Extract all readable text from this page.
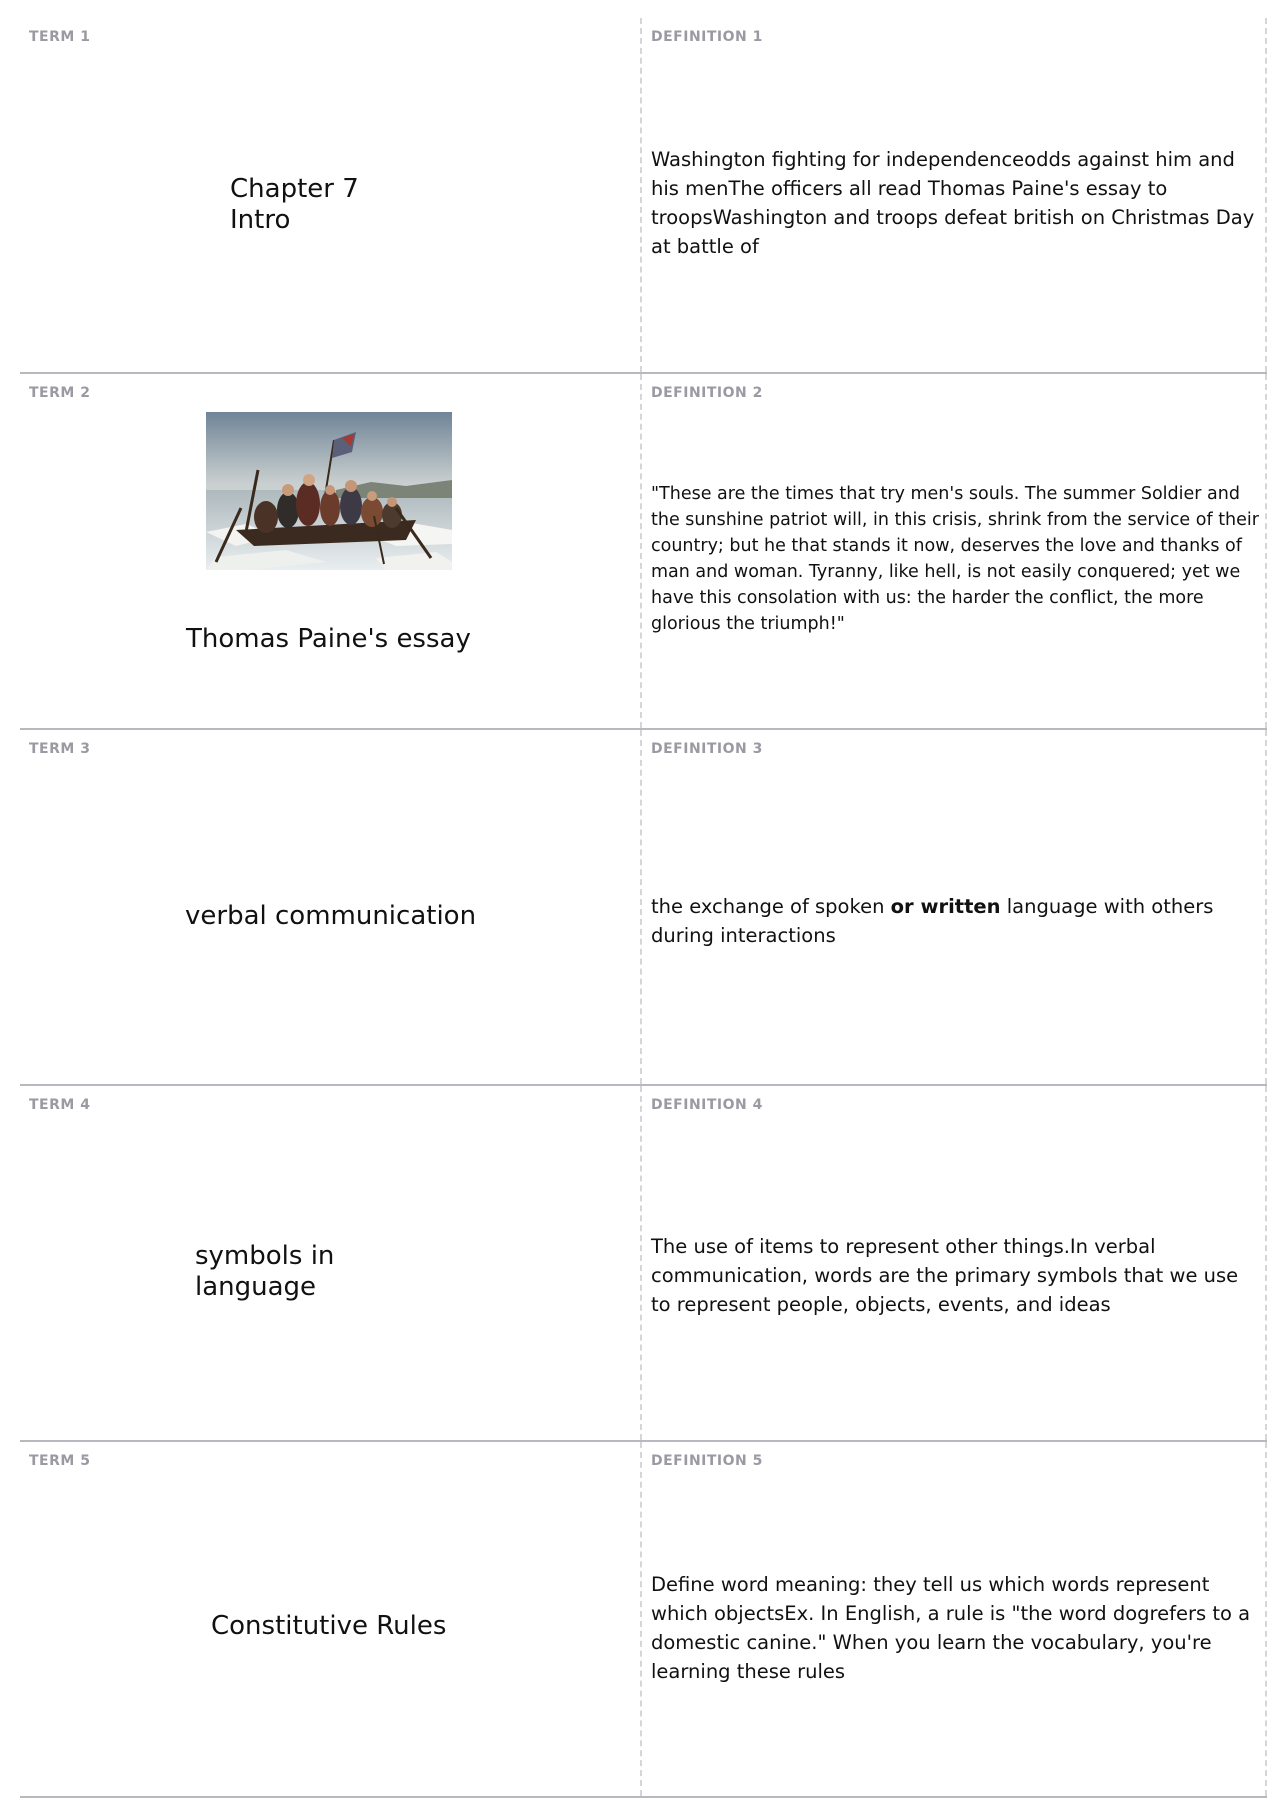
TERM 1
Chapter 7
Intro
DEFINITION 1
Washington fighting for independenceodds against him and his menThe officers all read Thomas Paine's essay to troopsWashington and troops defeat british on Christmas Day at battle of
TERM 2
Thomas Paine's essay
DEFINITION 2
"These are the times that try men's souls. The summer Soldier and the sunshine patriot will, in this crisis, shrink from the service of their country; but he that stands it now, deserves the love and thanks of man and woman. Tyranny, like hell, is not easily conquered; yet we have this consolation with us: the harder the conflict, the more glorious the triumph!"
TERM 3
verbal communication
DEFINITION 3
the exchange of spoken or written language with others during interactions
TERM 4
symbols in
language
DEFINITION 4
The use of items to represent other things.In verbal communication, words are the primary symbols that we use to represent people, objects, events, and ideas
TERM 5
Constitutive Rules
DEFINITION 5
Define word meaning: they tell us which words represent which objectsEx. In English, a rule is "the word dogrefers to a domestic canine." When you learn the vocabulary, you're learning these rules
